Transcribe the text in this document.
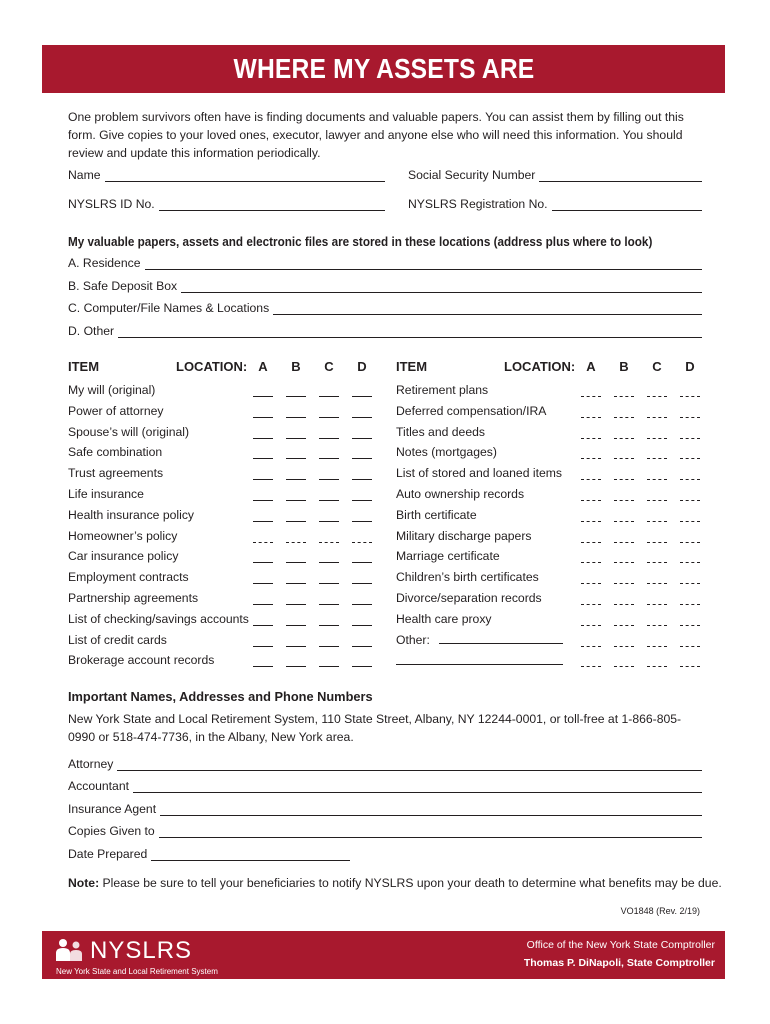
WHERE MY ASSETS ARE
One problem survivors often have is finding documents and valuable papers. You can assist them by filling out this form. Give copies to your loved ones, executor, lawyer and anyone else who will need this information. You should review and update this information periodically.
Name	Social Security Number
NYSLRS ID No.	NYSLRS Registration No.
My valuable papers, assets and electronic files are stored in these locations (address plus where to look)
A. Residence
B. Safe Deposit Box
C. Computer/File Names & Locations
D. Other
ITEM	LOCATION: A B C D ITEM	LOCATION: A B C D
My will (original)
Power of attorney
Spouse’s will (original)
Safe combination
Trust agreements
Life insurance
Health insurance policy
Homeowner’s policy
Car insurance policy
Employment contracts
Partnership agreements
List of checking/savings accounts
List of credit cards
Brokerage account records
Retirement plans
Deferred compensation/IRA
Titles and deeds
Notes (mortgages)
List of stored and loaned items
Auto ownership records
Birth certificate
Military discharge papers
Marriage certificate
Children’s birth certificates
Divorce/separation records
Health care proxy
Other:
Important Names, Addresses and Phone Numbers
New York State and Local Retirement System, 110 State Street, Albany, NY 12244-0001, or toll-free at 1-866-805-0990 or 518-474-7736, in the Albany, New York area.
Attorney
Accountant
Insurance Agent
Copies Given to
Date Prepared
Note: Please be sure to tell your beneficiaries to notify NYSLRS upon your death to determine what benefits may be due.
VO1848 (Rev. 2/19)
NYSLRS
New York State and Local Retirement System
Office of the New York State Comptroller
Thomas P. DiNapoli, State Comptroller
